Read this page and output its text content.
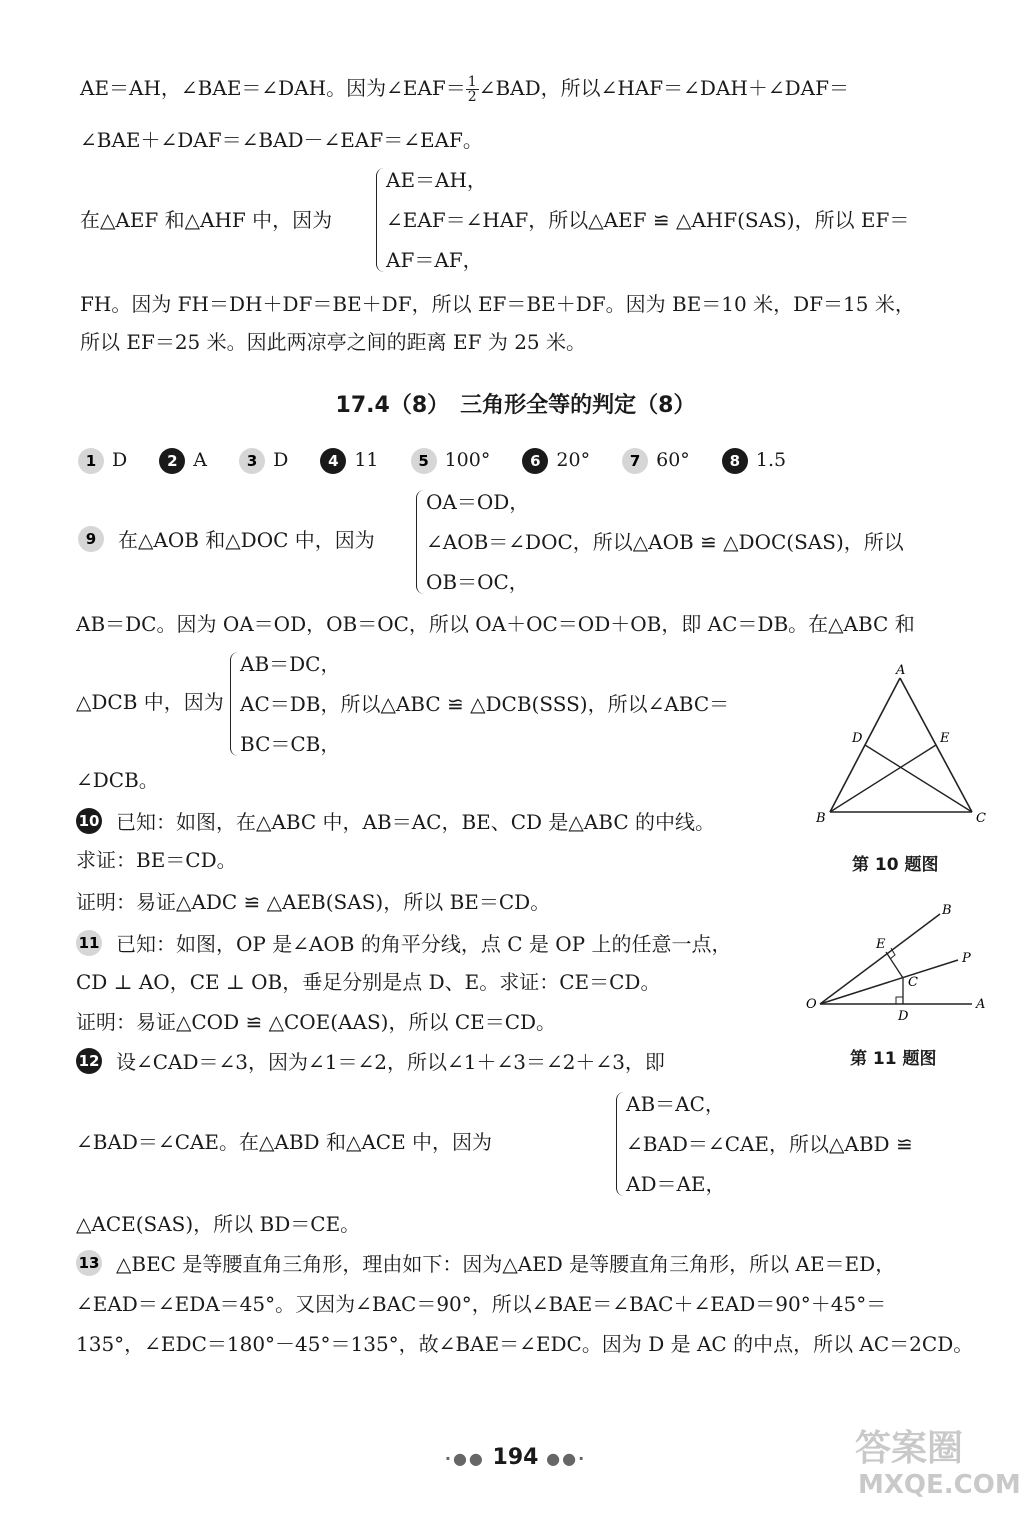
AE＝AH，∠BAE＝∠DAH。因为∠EAF＝ $\frac{1}{2}\angle BAD$，所以∠HAF＝∠DAH＋∠DAF＝
∠BAE＋∠DAF＝∠BAD－∠EAF＝∠EAF。
在△AEF 和△AHF 中，因为
AE＝AH，
∠EAF＝∠HAF，所以△AEF ≌ △AHF(SAS)，所以 EF＝
AF＝AF，
FH。因为 FH＝DH＋DF＝BE＋DF，所以 EF＝BE＋DF。因为 BE＝10 米，DF＝15 米，
所以 EF＝25 米。因此两凉亭之间的距离 EF 为 25 米。
17.4（8）　三角形全等的判定（8）
1 D	2 A	3 D	4 11	5 100°	6 20°	7 60°	8 1.5
9	在△AOB 和△DOC 中，因为
OA＝OD，
∠AOB＝∠DOC，所以△AOB ≌ △DOC(SAS)，所以
OB＝OC，
AB＝DC。因为 OA＝OD，OB＝OC，所以 OA＋OC＝OD＋OB，即 AC＝DB。在△ABC 和
△DCB 中，因为
AB＝DC，
AC＝DB，所以△ABC ≌ △DCB(SSS)，所以∠ABC＝
BC＝CB，
∠DCB。
A
B	C
D	E
第 10 题图
10 已知：如图，在△ABC 中，AB＝AC，BE、CD 是△ABC 的中线。
求证：BE＝CD。
证明：易证△ADC ≌ △AEB(SAS)，所以 BE＝CD。
O	A
B
P
C
D
E
第 11 题图
11 已知：如图，OP 是∠AOB 的角平分线，点 C 是 OP 上的任意一点，
CD ⊥ AO，CE ⊥ OB，垂足分别是点 D、E。求证：CE＝CD。
证明：易证△COD ≌ △COE(AAS)，所以 CE＝CD。
12 设∠CAD＝∠3，因为∠1＝∠2，所以∠1＋∠3＝∠2＋∠3，即
∠BAD＝∠CAE。在△ABD 和△ACE 中，因为
AB＝AC，
∠BAD＝∠CAE，所以△ABD ≌
AD＝AE，
△ACE(SAS)，所以 BD＝CE。
13 △BEC 是等腰直角三角形，理由如下：因为△AED 是等腰直角三角形，所以 AE＝ED，
∠EAD＝∠EDA＝45°。又因为∠BAC＝90°，所以∠BAE＝∠BAC＋∠EAD＝90°＋45°＝
135°，∠EDC＝180°－45°＝135°，故∠BAE＝∠EDC。因为 D 是 AC 的中点，所以 AC＝2CD。
·●● 194 ●●·	答案圈
MXQE.COM
